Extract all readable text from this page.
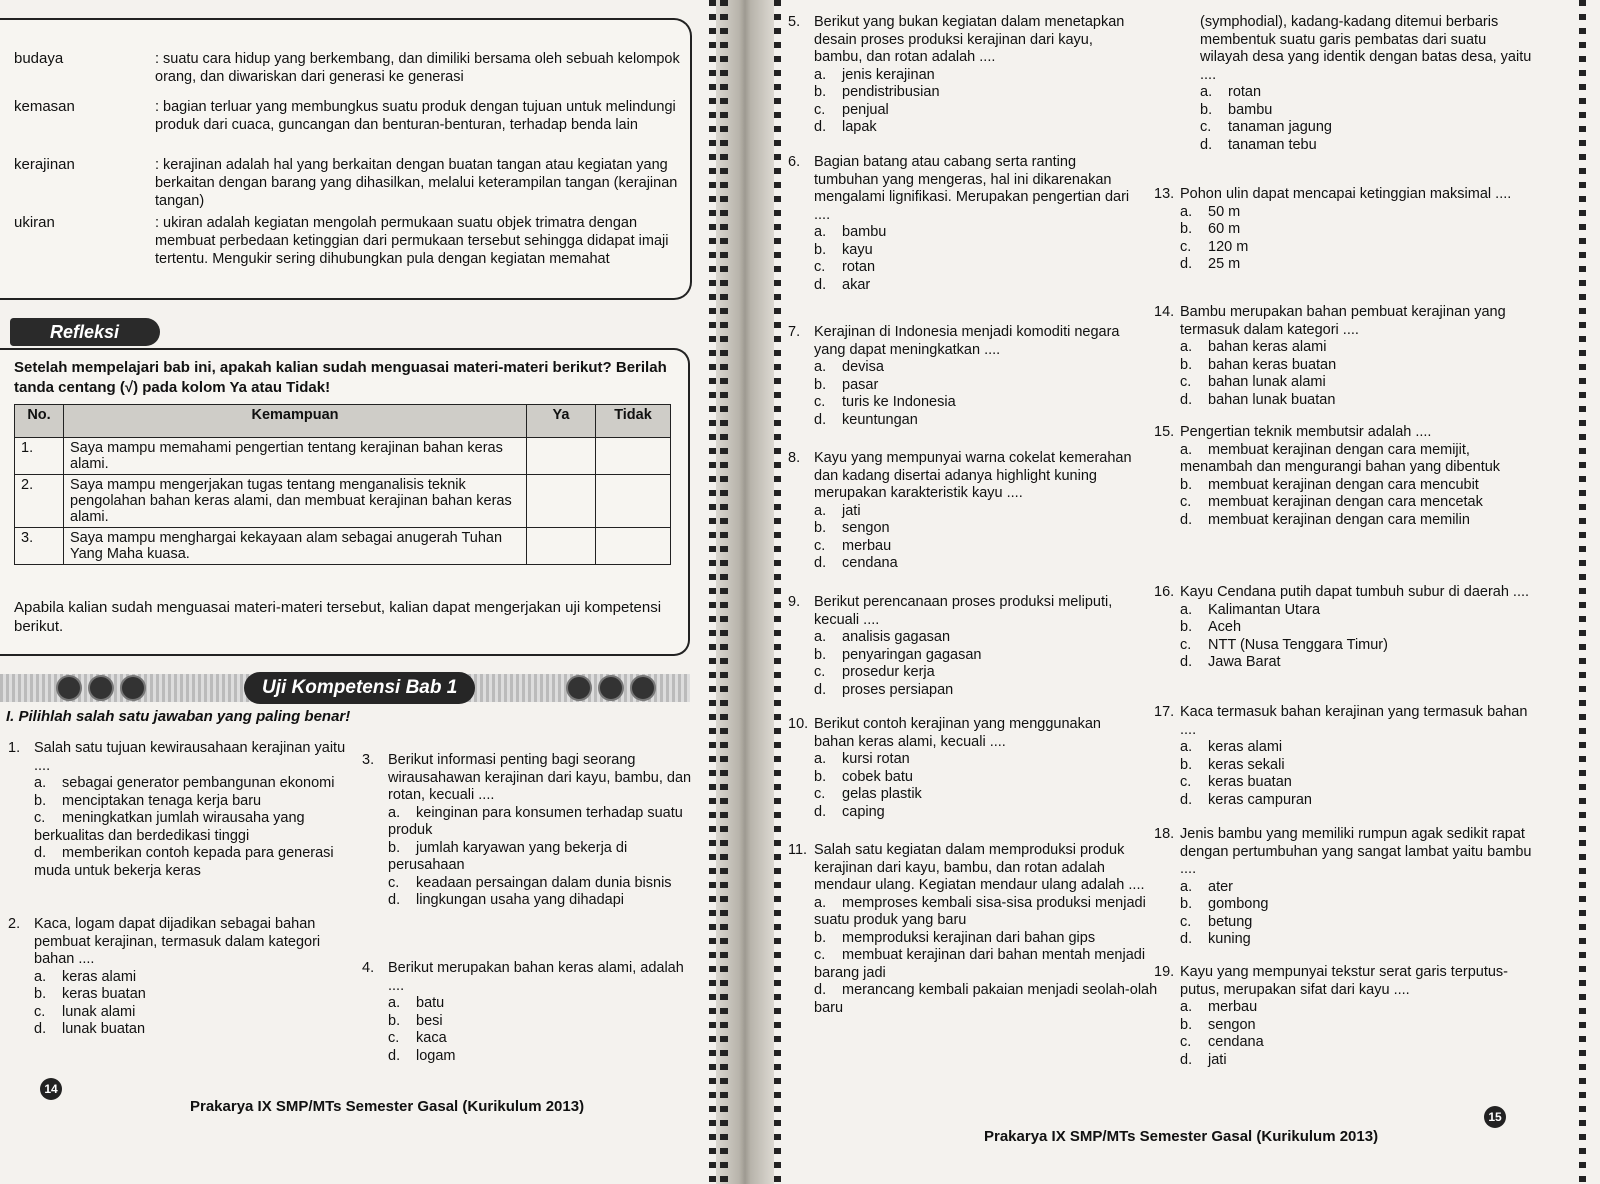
budaya	: suatu cara hidup yang berkembang, dan dimiliki bersama oleh sebuah kelompok orang, dan diwariskan dari generasi ke generasi
kemasan	: bagian terluar yang membungkus suatu produk dengan tujuan untuk melindungi produk dari cuaca, guncangan dan benturan-benturan, terhadap benda lain
kerajinan	: kerajinan adalah hal yang berkaitan dengan buatan tangan atau kegiatan yang berkaitan dengan barang yang dihasilkan, melalui keterampilan tangan (kerajinan tangan)
ukiran	: ukiran adalah kegiatan mengolah permukaan suatu objek trimatra dengan membuat perbedaan ketinggian dari permukaan tersebut sehingga didapat imaji tertentu. Mengukir sering dihubungkan pula dengan kegiatan memahat
Refleksi
Setelah mempelajari bab ini, apakah kalian sudah menguasai materi-materi berikut? Berilah tanda centang (√) pada kolom Ya atau Tidak!
No.	Kemampuan	Ya	Tidak
1.	Saya mampu memahami pengertian tentang kerajinan bahan keras alami.		
2.	Saya mampu mengerjakan tugas tentang menganalisis teknik pengolahan bahan keras alami, dan membuat kerajinan bahan keras alami.		
3.	Saya mampu menghargai kekayaan alam sebagai anugerah Tuhan Yang Maha kuasa.		
Apabila kalian sudah menguasai materi-materi tersebut, kalian dapat mengerjakan uji kompetensi berikut.
Uji Kompetensi Bab 1
I. Pilihlah salah satu jawaban yang paling benar!
1. Salah satu tujuan kewirausahaan kerajinan yaitu ....
a. sebagai generator pembangunan ekonomi
b. menciptakan tenaga kerja baru
c. meningkatkan jumlah wirausaha yang berkualitas dan berdedikasi tinggi
d. memberikan contoh kepada para generasi muda untuk bekerja keras
2. Kaca, logam dapat dijadikan sebagai bahan pembuat kerajinan, termasuk dalam kategori bahan ....
a. keras alami
b. keras buatan
c. lunak alami
d. lunak buatan
3. Berikut informasi penting bagi seorang wirausahawan kerajinan dari kayu, bambu, dan rotan, kecuali ....
a. keinginan para konsumen terhadap suatu produk
b. jumlah karyawan yang bekerja di perusahaan
c. keadaan persaingan dalam dunia bisnis
d. lingkungan usaha yang dihadapi
4. Berikut merupakan bahan keras alami, adalah ....
a. batu
b. besi
c. kaca
d. logam
14
Prakarya IX SMP/MTs Semester Gasal (Kurikulum 2013)
5. Berikut yang bukan kegiatan dalam menetapkan desain proses produksi kerajinan dari kayu, bambu, dan rotan adalah ....
a. jenis kerajinan
b. pendistribusian
c. penjual
d. lapak
6. Bagian batang atau cabang serta ranting tumbuhan yang mengeras, hal ini dikarenakan mengalami lignifikasi. Merupakan pengertian dari ....
a. bambu
b. kayu
c. rotan
d. akar
7. Kerajinan di Indonesia menjadi komoditi negara yang dapat meningkatkan ....
a. devisa
b. pasar
c. turis ke Indonesia
d. keuntungan
8. Kayu yang mempunyai warna cokelat kemerahan dan kadang disertai adanya highlight kuning merupakan karakteristik kayu ....
a. jati
b. sengon
c. merbau
d. cendana
9. Berikut perencanaan proses produksi meliputi, kecuali ....
a. analisis gagasan
b. penyaringan gagasan
c. prosedur kerja
d. proses persiapan
10. Berikut contoh kerajinan yang menggunakan bahan keras alami, kecuali ....
a. kursi rotan
b. cobek batu
c. gelas plastik
d. caping
11. Salah satu kegiatan dalam memproduksi produk kerajinan dari kayu, bambu, dan rotan adalah mendaur ulang. Kegiatan mendaur ulang adalah ....
a. memproses kembali sisa-sisa produksi menjadi suatu produk yang baru
b. memproduksi kerajinan dari bahan gips
c. membuat kerajinan dari bahan mentah menjadi barang jadi
d. merancang kembali pakaian menjadi seolah-olah baru
(symphodial), kadang-kadang ditemui berbaris membentuk suatu garis pembatas dari suatu wilayah desa yang identik dengan batas desa, yaitu ....
a. rotan
b. bambu
c. tanaman jagung
d. tanaman tebu
13. Pohon ulin dapat mencapai ketinggian maksimal ....
a. 50 m
b. 60 m
c. 120 m
d. 25 m
14. Bambu merupakan bahan pembuat kerajinan yang termasuk dalam kategori ....
a. bahan keras alami
b. bahan keras buatan
c. bahan lunak alami
d. bahan lunak buatan
15. Pengertian teknik membutsir adalah ....
a. membuat kerajinan dengan cara memijit, menambah dan mengurangi bahan yang dibentuk
b. membuat kerajinan dengan cara mencubit
c. membuat kerajinan dengan cara mencetak
d. membuat kerajinan dengan cara memilin
16. Kayu Cendana putih dapat tumbuh subur di daerah ....
a. Kalimantan Utara
b. Aceh
c. NTT (Nusa Tenggara Timur)
d. Jawa Barat
17. Kaca termasuk bahan kerajinan yang termasuk bahan ....
a. keras alami
b. keras sekali
c. keras buatan
d. keras campuran
18. Jenis bambu yang memiliki rumpun agak sedikit rapat dengan pertumbuhan yang sangat lambat yaitu bambu ....
a. ater
b. gombong
c. betung
d. kuning
19. Kayu yang mempunyai tekstur serat garis terputus-putus, merupakan sifat dari kayu ....
a. merbau
b. sengon
c. cendana
d. jati
Prakarya IX SMP/MTs Semester Gasal (Kurikulum 2013)
15
